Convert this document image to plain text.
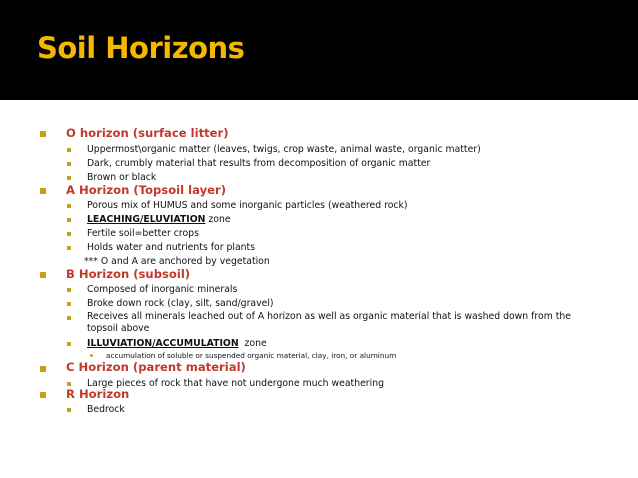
Soil Horizons
O horizon (surface litter)
Uppermost\organic matter (leaves, twigs, crop waste, animal waste, organic matter)
Dark, crumbly material that results from decomposition of organic matter
Brown or black
A Horizon (Topsoil layer)
Porous mix of HUMUS and some inorganic particles (weathered rock)
LEACHING/ELUVIATION zone
Fertile soil=better crops
Holds water and nutrients for plants
*** O and A are anchored by vegetation
B Horizon (subsoil)
Composed of inorganic minerals
Broke down rock (clay, silt, sand/gravel)
Receives all minerals leached out of A horizon as well as organic material that is washed down from the topsoil above
ILLUVIATION/ACCUMULATION  zone
accumulation of soluble or suspended organic material, clay, iron, or aluminum
C Horizon (parent material)
Large pieces of rock that have not undergone much weathering
R Horizon
Bedrock
